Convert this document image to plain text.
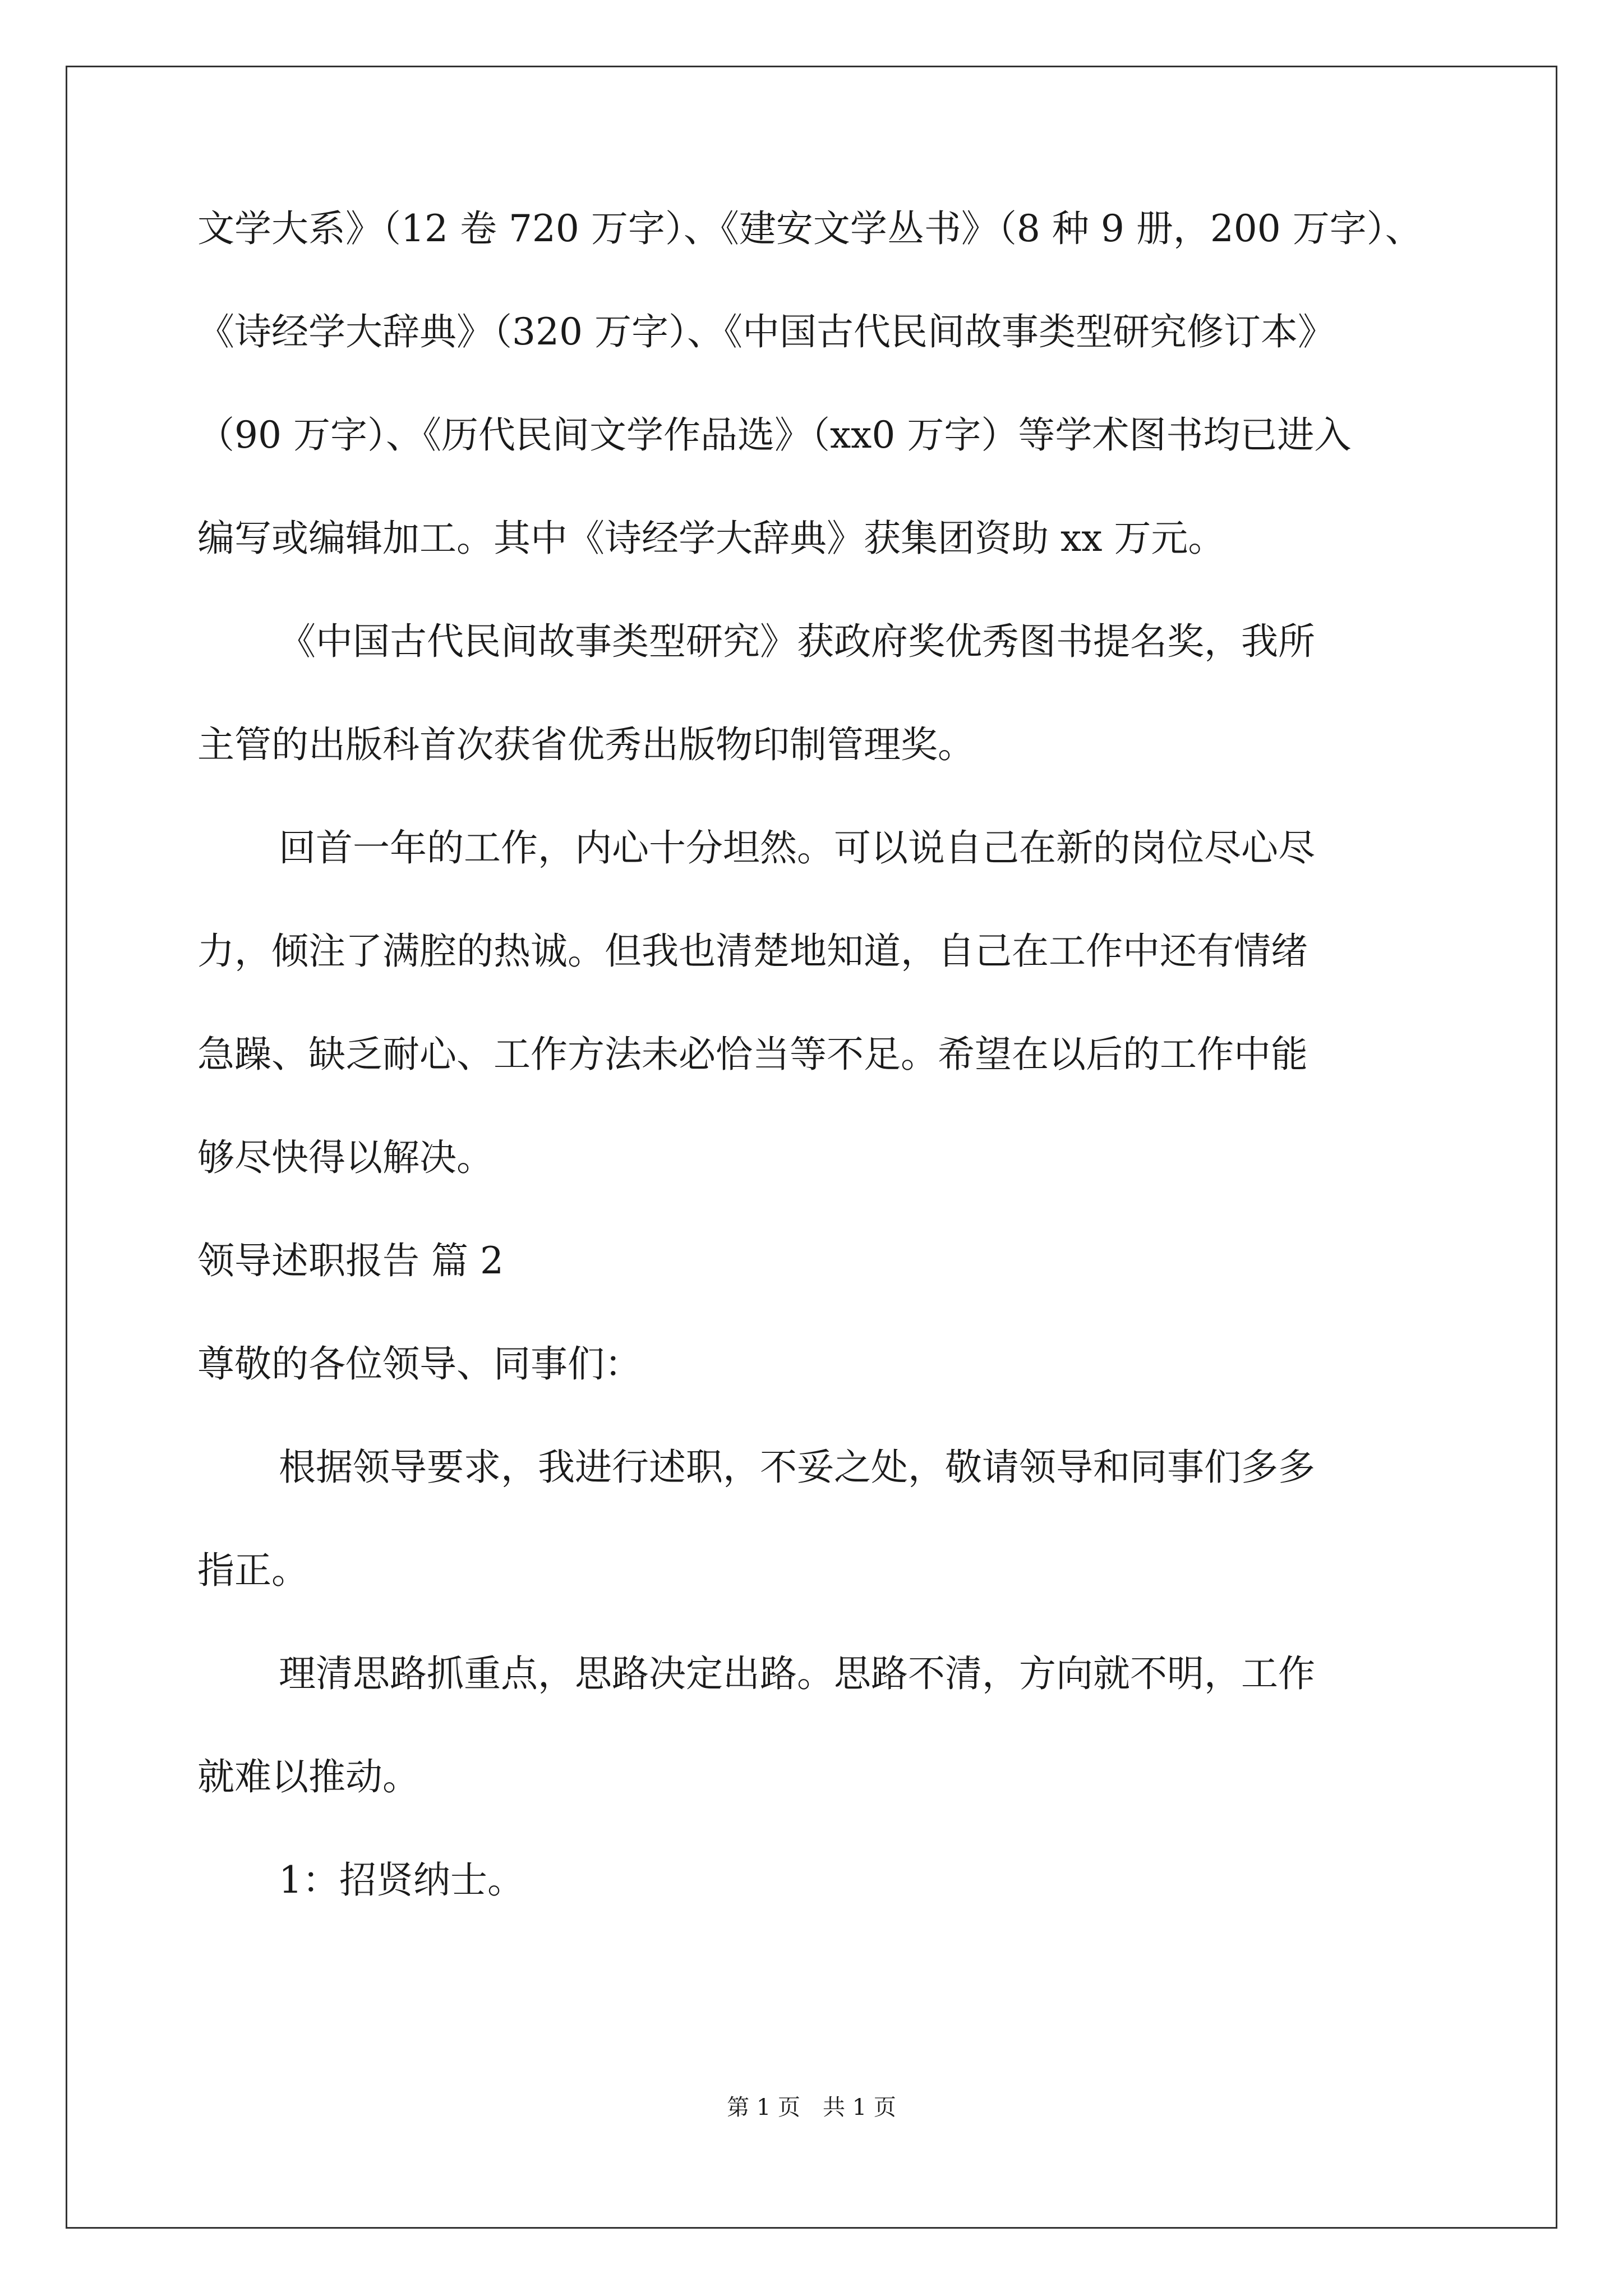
文学大系》（12 卷 720 万字）、《建安文学丛书》（8 种 9 册，200 万字）、

《诗经学大辞典》（320 万字）、《中国古代民间故事类型研究修订本》

（90 万字）、《历代民间文学作品选》（xx0 万字）等学术图书均已进入

编写或编辑加工。其中《诗经学大辞典》获集团资助 xx 万元。

《中国古代民间故事类型研究》获政府奖优秀图书提名奖，我所

主管的出版科首次获省优秀出版物印制管理奖。

回首一年的工作，内心十分坦然。可以说自己在新的岗位尽心尽

力，倾注了满腔的热诚。但我也清楚地知道，自己在工作中还有情绪

急躁、缺乏耐心、工作方法未必恰当等不足。希望在以后的工作中能

够尽快得以解决。

领导述职报告 篇 2

尊敬的各位领导、同事们：

根据领导要求，我进行述职，不妥之处，敬请领导和同事们多多

指正。

理清思路抓重点，思路决定出路。思路不清，方向就不明，工作

就难以推动。

第 1 页　共 1 页

1：招贤纳士。
